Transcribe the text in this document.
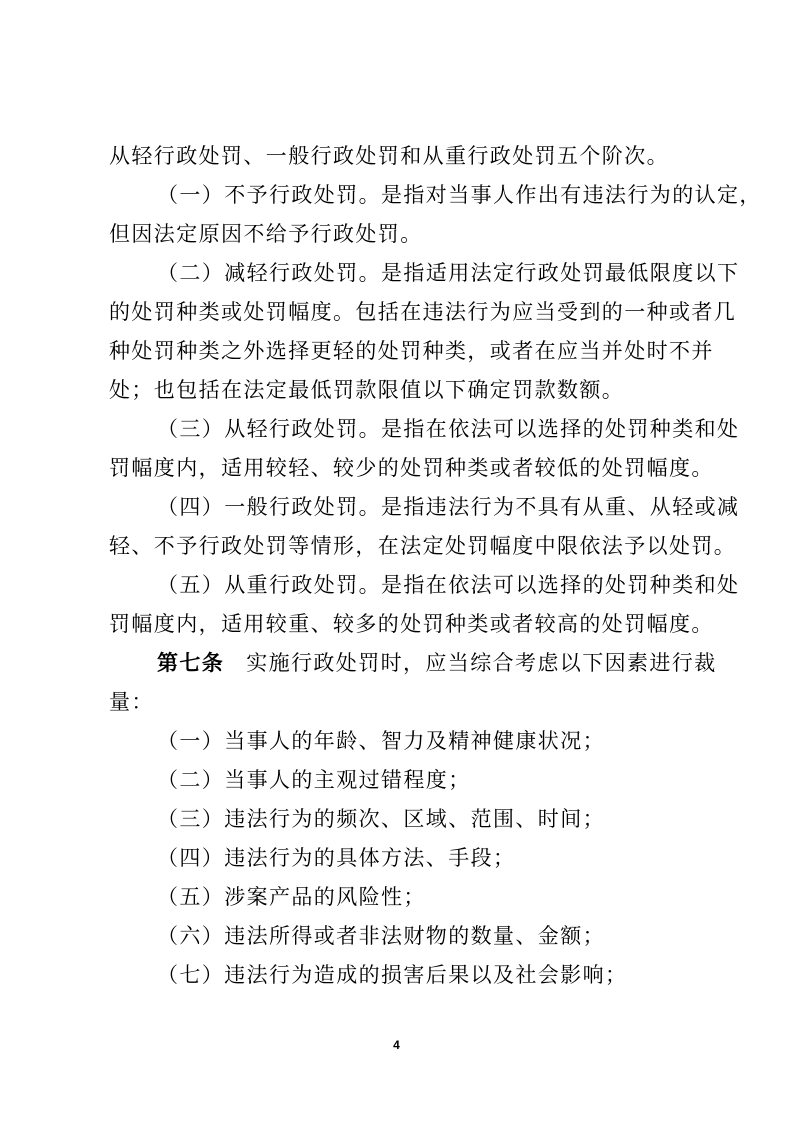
从轻行政处罚、一般行政处罚和从重行政处罚五个阶次。
（一）不予行政处罚。是指对当事人作出有违法行为的认定，
但因法定原因不给予行政处罚。
（二）减轻行政处罚。是指适用法定行政处罚最低限度以下
的处罚种类或处罚幅度。包括在违法行为应当受到的一种或者几
种处罚种类之外选择更轻的处罚种类，或者在应当并处时不并
处；也包括在法定最低罚款限值以下确定罚款数额。
（三）从轻行政处罚。是指在依法可以选择的处罚种类和处
罚幅度内，适用较轻、较少的处罚种类或者较低的处罚幅度。
（四）一般行政处罚。是指违法行为不具有从重、从轻或减
轻、不予行政处罚等情形，在法定处罚幅度中限依法予以处罚。
（五）从重行政处罚。是指在依法可以选择的处罚种类和处
罚幅度内，适用较重、较多的处罚种类或者较高的处罚幅度。
第七条 实施行政处罚时，应当综合考虑以下因素进行裁
量：
（一）当事人的年龄、智力及精神健康状况；
（二）当事人的主观过错程度；
（三）违法行为的频次、区域、范围、时间；
（四）违法行为的具体方法、手段；
（五）涉案产品的风险性；
（六）违法所得或者非法财物的数量、金额；
（七）违法行为造成的损害后果以及社会影响；
4
